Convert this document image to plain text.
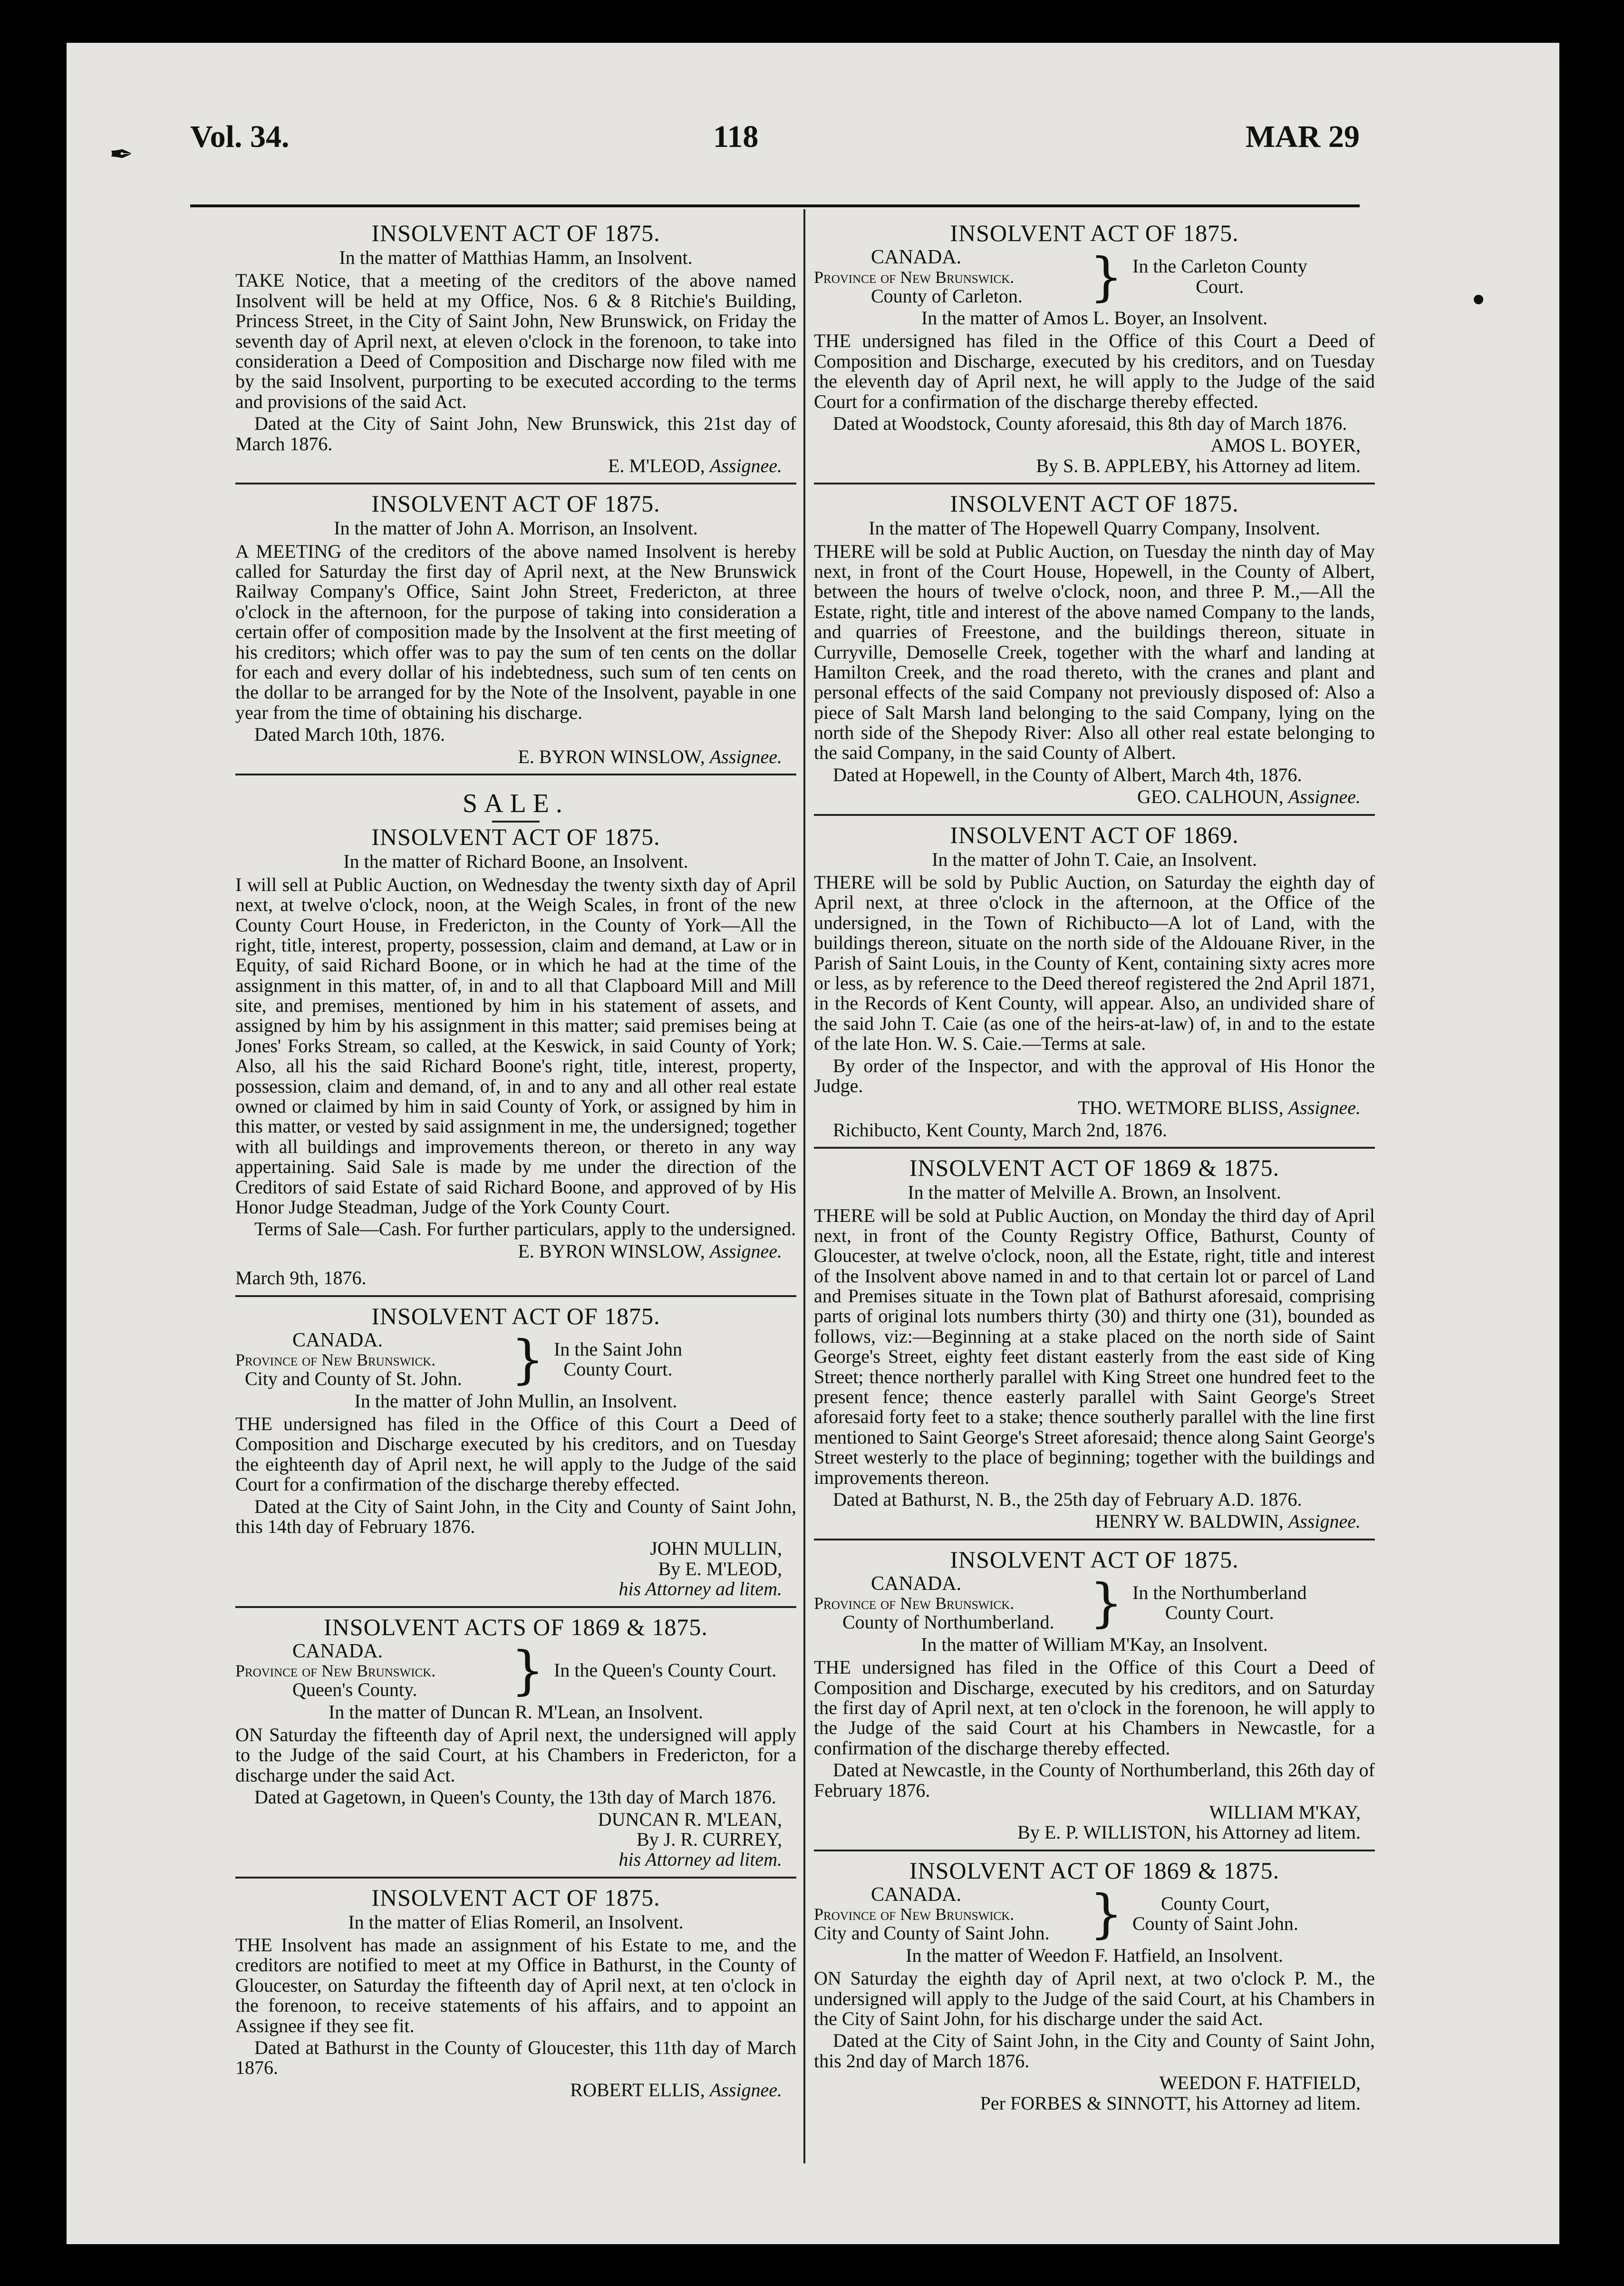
✒
Vol. 34.	118	MAR 29
INSOLVENT ACT OF 1875.
In the matter of Matthias Hamm, an Insolvent.

TAKE Notice, that a meeting of the creditors of the above named Insolvent will be held at my Office, Nos. 6 & 8 Ritchie's Building, Princess Street, in the City of Saint John, New Brunswick, on Friday the seventh day of April next, at eleven o'clock in the forenoon, to take into consideration a Deed of Composition and Discharge now filed with me by the said Insolvent, purporting to be executed according to the terms and provisions of the said Act.

Dated at the City of Saint John, New Brunswick, this 21st day of March 1876.

E. M'LEOD, Assignee.
INSOLVENT ACT OF 1875.
In the matter of John A. Morrison, an Insolvent.

A MEETING of the creditors of the above named Insolvent is hereby called for Saturday the first day of April next, at the New Brunswick Railway Company's Office, Saint John Street, Fredericton, at three o'clock in the afternoon, for the purpose of taking into consideration a certain offer of composition made by the Insolvent at the first meeting of his creditors; which offer was to pay the sum of ten cents on the dollar for each and every dollar of his indebtedness, such sum of ten cents on the dollar to be arranged for by the Note of the Insolvent, payable in one year from the time of obtaining his discharge.

Dated March 10th, 1876.

E. BYRON WINSLOW, Assignee.
SALE.
INSOLVENT ACT OF 1875.
In the matter of Richard Boone, an Insolvent.

I will sell at Public Auction, on Wednesday the twenty sixth day of April next, at twelve o'clock, noon, at the Weigh Scales, in front of the new County Court House, in Fredericton, in the County of York—All the right, title, interest, property, possession, claim and demand, at Law or in Equity, of said Richard Boone, or in which he had at the time of the assignment in this matter, of, in and to all that Clapboard Mill and Mill site, and premises, mentioned by him in his statement of assets, and assigned by him by his assignment in this matter; said premises being at Jones' Forks Stream, so called, at the Keswick, in said County of York; Also, all his the said Richard Boone's right, title, interest, property, possession, claim and demand, of, in and to any and all other real estate owned or claimed by him in said County of York, or assigned by him in this matter, or vested by said assignment in me, the undersigned; together with all buildings and improvements thereon, or thereto in any way appertaining. Said Sale is made by me under the direction of the Creditors of said Estate of said Richard Boone, and approved of by His Honor Judge Steadman, Judge of the York County Court.

Terms of Sale—Cash. For further particulars, apply to the undersigned.

E. BYRON WINSLOW, Assignee.

March 9th, 1876.

INSOLVENT ACT OF 1875.
CANADA.
Province of New Brunswick.
City and County of St. John. } In the Saint John
County Court.
In the matter of John Mullin, an Insolvent.

THE undersigned has filed in the Office of this Court a Deed of Composition and Discharge executed by his creditors, and on Tuesday the eighteenth day of April next, he will apply to the Judge of the said Court for a confirmation of the discharge thereby effected.

Dated at the City of Saint John, in the City and County of Saint John, this 14th day of February 1876.

JOHN MULLIN,

By E. M'LEOD,

his Attorney ad litem.

INSOLVENT ACTS OF 1869 & 1875.
CANADA.
Province of New Brunswick.
Queen's County.	} In the Queen's County Court.
In the matter of Duncan R. M'Lean, an Insolvent.

ON Saturday the fifteenth day of April next, the undersigned will apply to the Judge of the said Court, at his Chambers in Fredericton, for a discharge under the said Act.

Dated at Gagetown, in Queen's County, the 13th day of March 1876.

DUNCAN R. M'LEAN,

By J. R. CURREY,

his Attorney ad litem.

INSOLVENT ACT OF 1875.
In the matter of Elias Romeril, an Insolvent.

THE Insolvent has made an assignment of his Estate to me, and the creditors are notified to meet at my Office in Bathurst, in the County of Gloucester, on Saturday the fifteenth day of April next, at ten o'clock in the forenoon, to receive statements of his affairs, and to appoint an Assignee if they see fit.

Dated at Bathurst in the County of Gloucester, this 11th day of March 1876.

ROBERT ELLIS, Assignee.
INSOLVENT ACT OF 1875.
CANADA.
Province of New Brunswick.
County of Carleton.	} In the Carleton County
Court.
In the matter of Amos L. Boyer, an Insolvent.

THE undersigned has filed in the Office of this Court a Deed of Composition and Discharge, executed by his creditors, and on Tuesday the eleventh day of April next, he will apply to the Judge of the said Court for a confirmation of the discharge thereby effected.

Dated at Woodstock, County aforesaid, this 8th day of March 1876.

AMOS L. BOYER,

By S. B. APPLEBY, his Attorney ad litem.

INSOLVENT ACT OF 1875.
In the matter of The Hopewell Quarry Company, Insolvent.

THERE will be sold at Public Auction, on Tuesday the ninth day of May next, in front of the Court House, Hopewell, in the County of Albert, between the hours of twelve o'clock, noon, and three P. M.,—All the Estate, right, title and interest of the above named Company to the lands, and quarries of Freestone, and the buildings thereon, situate in Curryville, Demoselle Creek, together with the wharf and landing at Hamilton Creek, and the road thereto, with the cranes and plant and personal effects of the said Company not previously disposed of: Also a piece of Salt Marsh land belonging to the said Company, lying on the north side of the Shepody River: Also all other real estate belonging to the said Company, in the said County of Albert.

Dated at Hopewell, in the County of Albert, March 4th, 1876.

GEO. CALHOUN, Assignee.
INSOLVENT ACT OF 1869.
In the matter of John T. Caie, an Insolvent.

THERE will be sold by Public Auction, on Saturday the eighth day of April next, at three o'clock in the afternoon, at the Office of the undersigned, in the Town of Richibucto—A lot of Land, with the buildings thereon, situate on the north side of the Aldouane River, in the Parish of Saint Louis, in the County of Kent, containing sixty acres more or less, as by reference to the Deed thereof registered the 2nd April 1871, in the Records of Kent County, will appear. Also, an undivided share of the said John T. Caie (as one of the heirs-at-law) of, in and to the estate of the late Hon. W. S. Caie.—Terms at sale.

By order of the Inspector, and with the approval of His Honor the Judge.

THO. WETMORE BLISS, Assignee.

Richibucto, Kent County, March 2nd, 1876.

INSOLVENT ACT OF 1869 & 1875.
In the matter of Melville A. Brown, an Insolvent.

THERE will be sold at Public Auction, on Monday the third day of April next, in front of the County Registry Office, Bathurst, County of Gloucester, at twelve o'clock, noon, all the Estate, right, title and interest of the Insolvent above named in and to that certain lot or parcel of Land and Premises situate in the Town plat of Bathurst aforesaid, comprising parts of original lots numbers thirty (30) and thirty one (31), bounded as follows, viz:—Beginning at a stake placed on the north side of Saint George's Street, eighty feet distant easterly from the east side of King Street; thence northerly parallel with King Street one hundred feet to the present fence; thence easterly parallel with Saint George's Street aforesaid forty feet to a stake; thence southerly parallel with the line first mentioned to Saint George's Street aforesaid; thence along Saint George's Street westerly to the place of beginning; together with the buildings and improvements thereon.

Dated at Bathurst, N. B., the 25th day of February A.D. 1876.

HENRY W. BALDWIN, Assignee.
INSOLVENT ACT OF 1875.
CANADA.
Province of New Brunswick.
County of Northumberland. } In the Northumberland
County Court.
In the matter of William M'Kay, an Insolvent.

THE undersigned has filed in the Office of this Court a Deed of Composition and Discharge, executed by his creditors, and on Saturday the first day of April next, at ten o'clock in the forenoon, he will apply to the Judge of the said Court at his Chambers in Newcastle, for a confirmation of the discharge thereby effected.

Dated at Newcastle, in the County of Northumberland, this 26th day of February 1876.

WILLIAM M'KAY,

By E. P. WILLISTON, his Attorney ad litem.

INSOLVENT ACT OF 1869 & 1875.
CANADA.
Province of New Brunswick.
City and County of Saint John. }	County Court,
County of Saint John.
In the matter of Weedon F. Hatfield, an Insolvent.

ON Saturday the eighth day of April next, at two o'clock P. M., the undersigned will apply to the Judge of the said Court, at his Chambers in the City of Saint John, for his discharge under the said Act.

Dated at the City of Saint John, in the City and County of Saint John, this 2nd day of March 1876.

WEEDON F. HATFIELD,

Per FORBES & SINNOTT, his Attorney ad litem.
